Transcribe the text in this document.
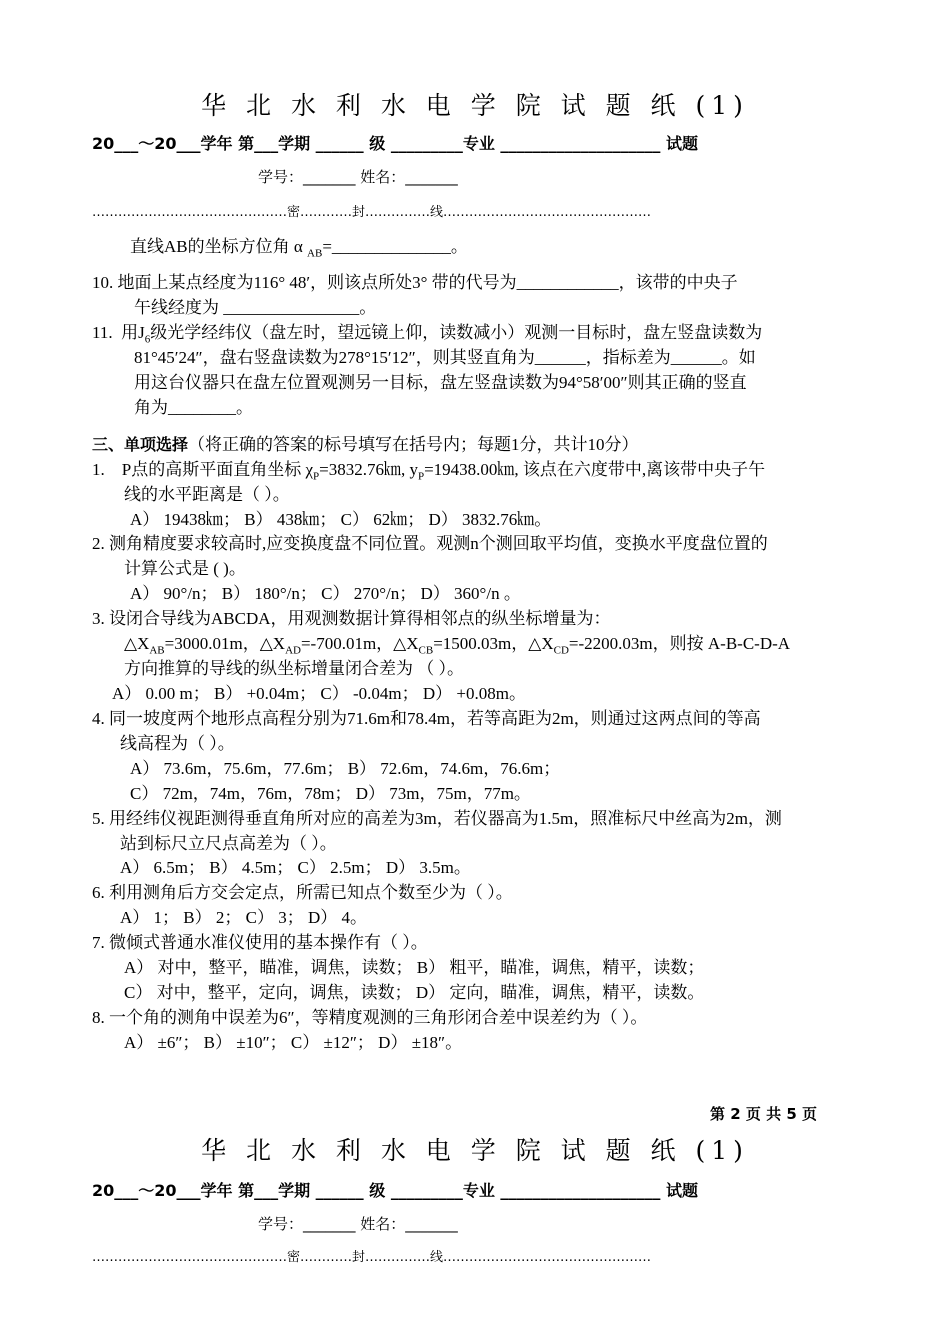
华 北 水 利 水 电 学 院 试 题 纸 (1)
20___～20___学年 第___学期 ______ 级 _________专业 ____________________ 试题
学号：_______ 姓名：_______
………………………………………密…………封……………线…………………………………………
直线AB的坐标方位角 α $_{AB}$=______________。
10. 地面上某点经度为116° 48′，则该点所处3° 带的代号为____________，该带的中央子
午线经度为 ________________。
11.  用$J_6$级光学经纬仪（盘左时，望远镜上仰，读数减小）观测一目标时，盘左竖盘读数为
81°45′24″，盘右竖盘读数为278°15′12″，则其竖直角为______，指标差为______。如
用这台仪器只在盘左位置观测另一目标，盘左竖盘读数为94°58′00″则其正确的竖直
角为________。
三、单项选择（将正确的答案的标号填写在括号内；每题1分，共计10分）
1.    P点的高斯平面直角坐标 $\chi_P=3832.76㎞$, $y_P=19438.00㎞$, 该点在六度带中,离该带中央子午
线的水平距离是（ ）。
A） 19438㎞； B） 438㎞； C） 62㎞； D） 3832.76㎞。
2. 测角精度要求较高时,应变换度盘不同位置。观测n个测回取平均值，变换水平度盘位置的
计算公式是 ( )。
A） 90°/n； B） 180°/n； C） 270°/n； D） 360°/n 。
3. 设闭合导线为ABCDA，用观测数据计算得相邻点的纵坐标增量为：
$\triangle X_{AB}=3000.01m$，$\triangle X_{AD}=-700.01m$，$\triangle X_{CB}=1500.03m$，$\triangle X_{CD}=-2200.03m$，则按 A-B-C-D-A
方向推算的导线的纵坐标增量闭合差为 （ ）。
A） 0.00 m； B） +0.04m； C） -0.04m； D） +0.08m。
4. 同一坡度两个地形点高程分别为71.6m和78.4m，若等高距为2m，则通过这两点间的等高
线高程为（ ）。
A） 73.6m，75.6m，77.6m； B） 72.6m，74.6m，76.6m；
C） 72m，74m，76m，78m； D） 73m，75m，77m。
5. 用经纬仪视距测得垂直角所对应的高差为3m，若仪器高为1.5m，照准标尺中丝高为2m，测
站到标尺立尺点高差为（ ）。
A） 6.5m； B） 4.5m； C） 2.5m； D） 3.5m。
6. 利用测角后方交会定点，所需已知点个数至少为（ ）。
A） 1； B） 2； C） 3； D） 4。
7. 微倾式普通水准仪使用的基本操作有（ ）。
A） 对中，整平，瞄准，调焦，读数； B） 粗平，瞄准，调焦，精平，读数；
C） 对中，整平，定向，调焦，读数； D） 定向，瞄准，调焦，精平，读数。
8. 一个角的测角中误差为6″，等精度观测的三角形闭合差中误差约为（ ）。
A） ±6″； B） ±10″； C） ±12″； D） ±18″。
第 2 页 共 5 页
华 北 水 利 水 电 学 院 试 题 纸 (1)
20___～20___学年 第___学期 ______ 级 _________专业 ____________________ 试题
学号：_______ 姓名：_______
………………………………………密…………封……………线…………………………………………
